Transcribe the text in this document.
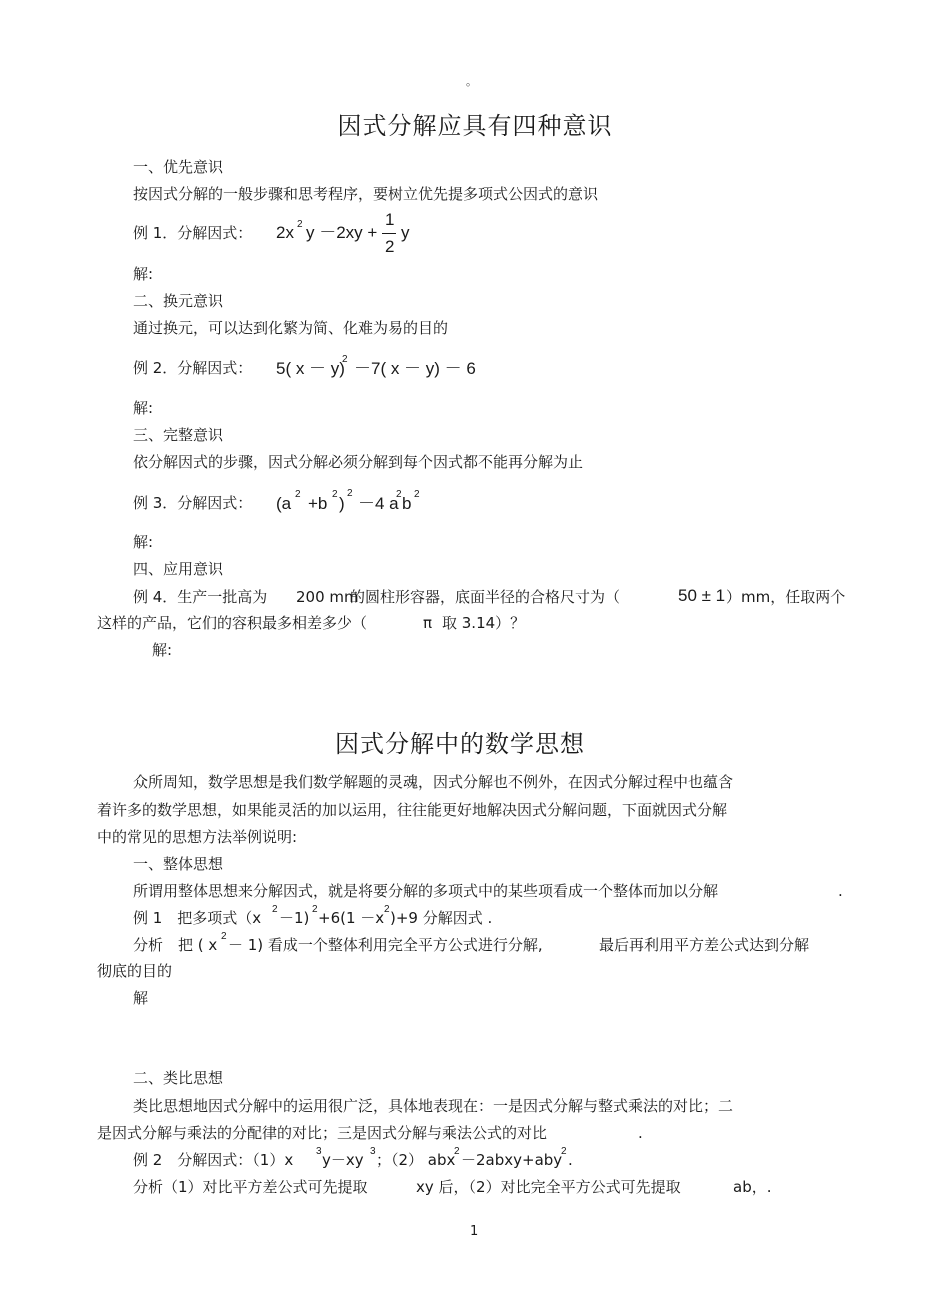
。
因式分解应具有四种意识
一、优先意识
按因式分解的一般步骤和思考程序，要树立优先提多项式公因式的意识
例 1．分解因式： 2x 2 y －2xy +
1
2
y
解:
二、换元意识
通过换元，可以达到化繁为简、化难为易的目的
例 2．分解因式： 5( x － y)
2 －7( x － y) － 6
解:
三、完整意识
依分解因式的步骤，因式分解必须分解到每个因式都不能再分解为止
例 3．分解因式： (a 2 +b 2 )
2
－4 a
2 b 2
解:
四、应用意识
例 4．生产一批高为 200 mm
的圆柱形容器，底面半径的合格尺寸为（	50 ± 1 ）mm，任取两个
这样的产品，它们的容积最多相差多少（	π 取 3.14）？
解:
因式分解中的数学思想
众所周知，数学思想是我们数学解题的灵魂，因式分解也不例外，在因式分解过程中也蕴含
着许多的数学思想，如果能灵活的加以运用，往往能更好地解决因式分解问题，下面就因式分解
中的常见的思想方法举例说明:
一、整体思想
所谓用整体思想来分解因式，就是将要分解的多项式中的某些项看成一个整体而加以分解	.
例 1　把多项式（x 2 －1) 2 +6(1 －x 2 )+9 分解因式 .
分析　把 ( x 2 － 1) 看成一个整体利用完全平方公式进行分解,	最后再利用平方差公式达到分解
彻底的目的
解
二、类比思想
类比思想地因式分解中的运用很广泛，具体地表现在：一是因式分解与整式乘法的对比；二
是因式分解与乘法的分配律的对比；三是因式分解与乘法公式的对比	.
例 2　分解因式：（1）x 3 y－xy 3 ；（2） abx
2 －2abxy+aby
2 .
分析（1）对比平方差公式可先提取	xy 后，（2）对比完全平方公式可先提取	ab，.
1
